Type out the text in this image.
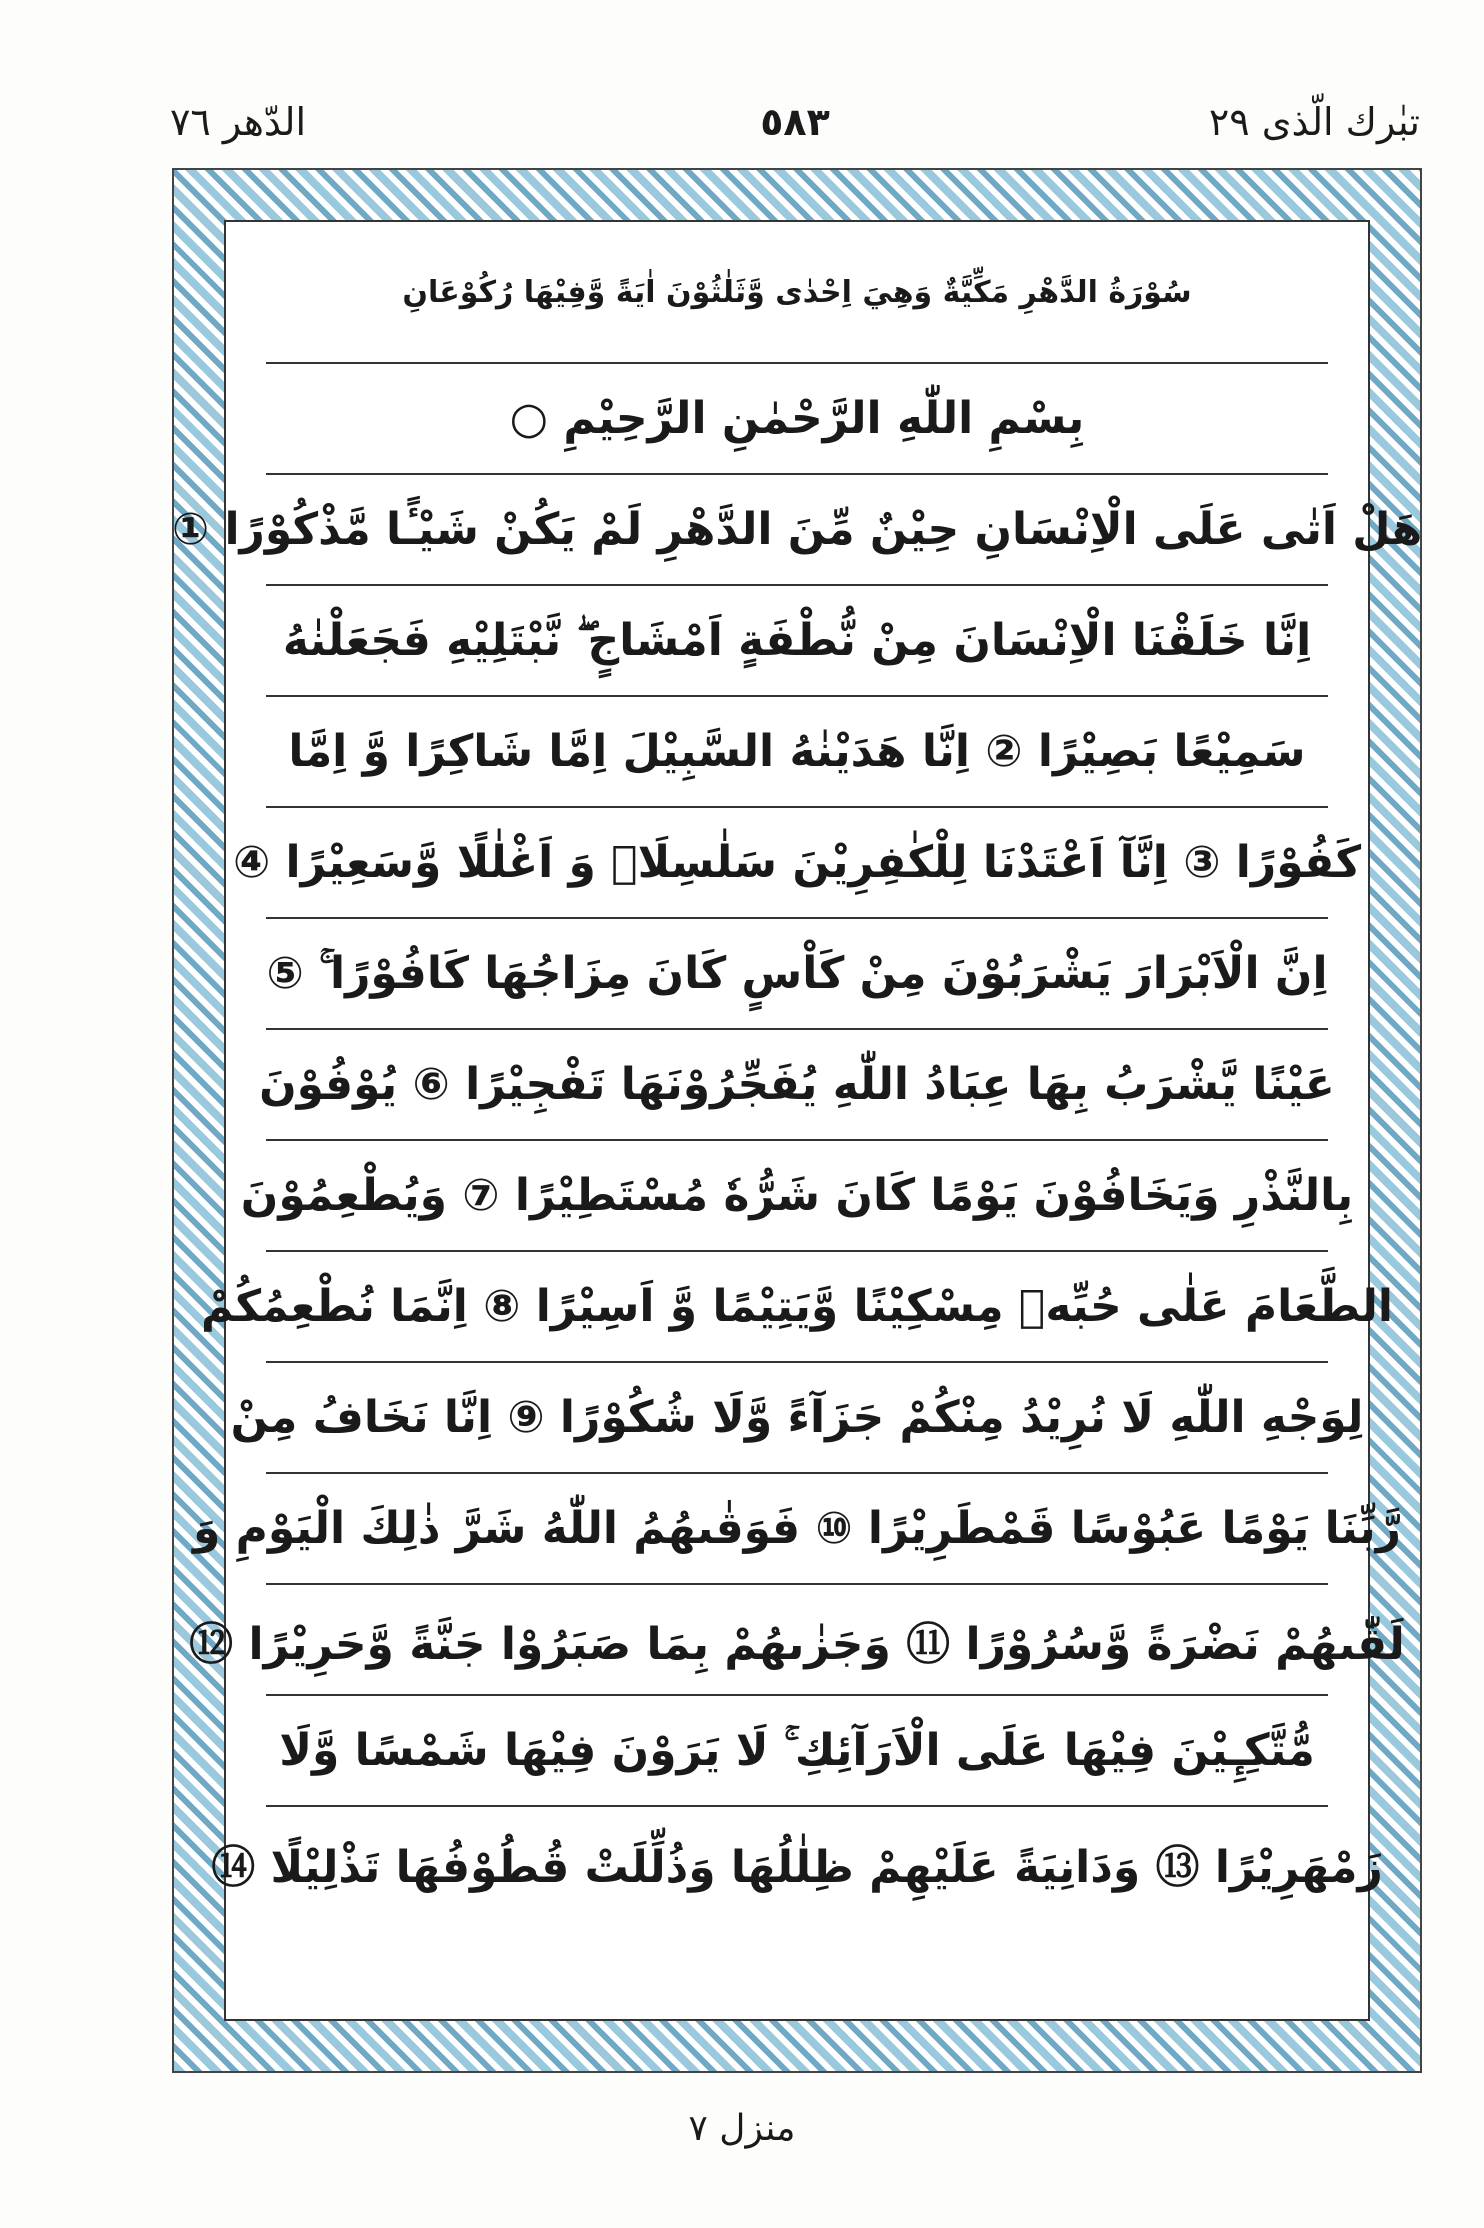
تبٰرك الّذى ٢٩
٥٨٣
الدّهر ٧٦
سُوْرَةُ الدَّهْرِ مَكِّيَّةٌ وَهِيَ اِحْدٰى وَّثَلٰثُوْنَ اٰيَةً وَّفِيْهَا رُكُوْعَانِ
بِسْمِ اللّٰهِ الرَّحْمٰنِ الرَّحِيْمِ ○
هَلْ اَتٰى عَلَى الْاِنْسَانِ حِيْنٌ مِّنَ الدَّهْرِ لَمْ يَكُنْ شَيْـًٔا مَّذْكُوْرًا ①
اِنَّا خَلَقْنَا الْاِنْسَانَ مِنْ نُّطْفَةٍ اَمْشَاجٍ ۖ نَّبْتَلِيْهِ فَجَعَلْنٰهُ
سَمِيْعًا بَصِيْرًا ② اِنَّا هَدَيْنٰهُ السَّبِيْلَ اِمَّا شَاكِرًا وَّ اِمَّا
كَفُوْرًا ③ اِنَّآ اَعْتَدْنَا لِلْكٰفِرِيْنَ سَلٰسِلَاۡ وَ اَغْلٰلًا وَّسَعِيْرًا ④
اِنَّ الْاَبْرَارَ يَشْرَبُوْنَ مِنْ كَاْسٍ كَانَ مِزَاجُهَا كَافُوْرًا ۚ ⑤
عَيْنًا يَّشْرَبُ بِهَا عِبَادُ اللّٰهِ يُفَجِّرُوْنَهَا تَفْجِيْرًا ⑥ يُوْفُوْنَ
بِالنَّذْرِ وَيَخَافُوْنَ يَوْمًا كَانَ شَرُّهٗ مُسْتَطِيْرًا ⑦ وَيُطْعِمُوْنَ
الطَّعَامَ عَلٰى حُبِّهٖ مِسْكِيْنًا وَّيَتِيْمًا وَّ اَسِيْرًا ⑧ اِنَّمَا نُطْعِمُكُمْ
لِوَجْهِ اللّٰهِ لَا نُرِيْدُ مِنْكُمْ جَزَآءً وَّلَا شُكُوْرًا ⑨ اِنَّا نَخَافُ مِنْ
رَّبِّنَا يَوْمًا عَبُوْسًا قَمْطَرِيْرًا ⑩ فَوَقٰىهُمُ اللّٰهُ شَرَّ ذٰلِكَ الْيَوْمِ وَ
لَقّٰىهُمْ نَضْرَةً وَّسُرُوْرًا ⑪ وَجَزٰىهُمْ بِمَا صَبَرُوْا جَنَّةً وَّحَرِيْرًا ⑫
مُّتَّكِـِٕيْنَ فِيْهَا عَلَى الْاَرَآئِكِ ۚ لَا يَرَوْنَ فِيْهَا شَمْسًا وَّلَا
زَمْهَرِيْرًا ⑬ وَدَانِيَةً عَلَيْهِمْ ظِلٰلُهَا وَذُلِّلَتْ قُطُوْفُهَا تَذْلِيْلًا ⑭
منزل ٧
